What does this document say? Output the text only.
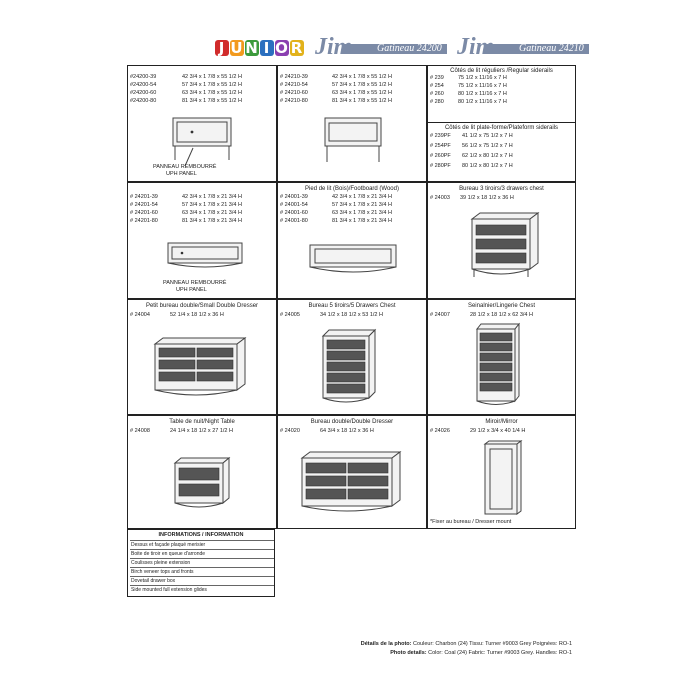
J U N I O R Jim Gatineau 24200 Jim Gatineau 24210
#24200-39	42 3/4 x 1 7/8 x 55 1/2 H
#24200-54	57 3/4 x 1 7/8 x 55 1/2 H
#24200-60	63 3/4 x 1 7/8 x 55 1/2 H
#24200-80	81 3/4 x 1 7/8 x 55 1/2 H
PANNEAU REMBOURRÉ
UPH PANEL
# 24210-39	42 3/4 x 1 7/8 x 55 1/2 H
# 24210-54	57 3/4 x 1 7/8 x 55 1/2 H
# 24210-60	63 3/4 x 1 7/8 x 55 1/2 H
# 24210-80	81 3/4 x 1 7/8 x 55 1/2 H
Côtés de lit réguliers /Regular siderails
# 239	75 1/2 x 11/16 x 7 H
# 254	75 1/2 x 11/16 x 7 H
# 260	80 1/2 x 11/16 x 7 H
# 280	80 1/2 x 11/16 x 7 H
Côtés de lit plate-forme/Plateform siderails
# 239PF 41 1/2 x 75 1/2 x 7 H
# 254PF 56 1/2 x 75 1/2 x 7 H
# 260PF 62 1/2 x 80 1/2 x 7 H
# 280PF 80 1/2 x 80 1/2 x 7 H
# 24201-39	42 3/4 x 1 7/8 x 21 3/4 H
# 24201-54	57 3/4 x 1 7/8 x 21 3/4 H
# 24201-60	63 3/4 x 1 7/8 x 21 3/4 H
# 24201-80	81 3/4 x 1 7/8 x 21 3/4 H
PANNEAU REMBOURRÉ
UPH PANEL
Pied de lit (Bois)/Footboard (Wood)
# 24001-39	42 3/4 x 1 7/8 x 21 3/4 H
# 24001-54	57 3/4 x 1 7/8 x 21 3/4 H
# 24001-60	63 3/4 x 1 7/8 x 21 3/4 H
# 24001-80	81 3/4 x 1 7/8 x 21 3/4 H
Bureau 3 tiroirs/3 drawers chest
# 24003 39 1/2 x 18 1/2 x 36 H
Petit bureau double/Small Double Dresser
# 24004	52 1/4 x 18 1/2 x 36 H
Bureau 5 tiroirs/5 Drawers Chest
# 24005	34 1/2 x 18 1/2 x 53 1/2 H
Seinalnier/Lingerie Chest
# 24007	28 1/2 x 18 1/2 x 62 3/4 H
Table de nuit/Night Table
# 24008	24 1/4 x 18 1/2 x 27 1/2 H
Bureau double/Double Dresser
# 24020	64 3/4 x 18 1/2 x 36 H
Miroir/Mirror
# 24026	29 1/2 x 3/4 x 40 1/4 H
*Fixer au bureau / Dresser mount
INFORMATIONS / INFORMATION
Dessus et façade plaqué merisier
Boite de tiroir en queue d'arronde
Coulisses pleine extension
Birch veneer tops and fronts
Dovetail drawer box
Side mounted full extension glides
Détails de la photo: Couleur: Charbon (24) Tissu: Turner #9003 Grey Poignées: RO-1
Photo details: Color: Coal (24) Fabric: Turner #9003 Grey. Handles: RO-1
